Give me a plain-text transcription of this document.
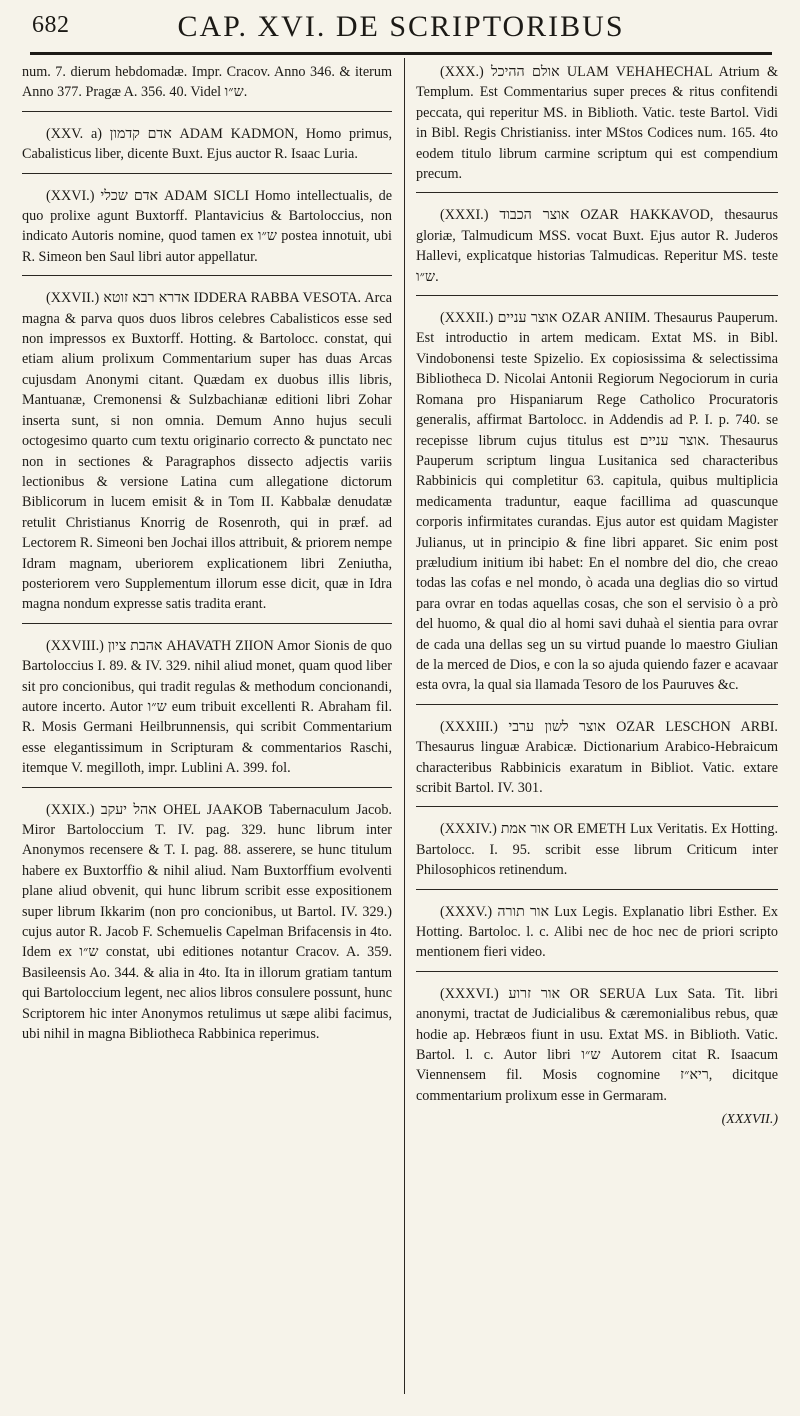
682	CAP. XVI. DE SCRIPTORIBUS

num. 7. dierum hebdomadæ. Impr. Cracov. Anno 346. & iterum Anno 377. Pragæ A. 356. 40. Videl ש״ו.

(XXV. a) אדם קדמון ADAM KADMON, Homo primus, Cabalisticus liber, dicente Buxt. Ejus auctor R. Isaac Luria.

(XXVI.) אדם שכלי ADAM SICLI Homo intellectualis, de quo prolixe agunt Buxtorff. Plantavicius & Bartoloccius, non indicato Autoris nomine, quod tamen ex ש״ו postea innotuit, ubi R. Simeon ben Saul libri autor appellatur.

(XXVII.) אדרא רבא זוטא IDDERA RABBA VESOTA. Arca magna & parva quos duos libros celebres Cabalisticos esse sed non impressos ex Buxtorff. Hotting. & Bartolocc. constat, qui etiam alium prolixum Commentarium super has duas Arcas cujusdam Anonymi citant. Quædam ex duobus illis libris, Mantuanæ, Cremonensi & Sulzbachianæ editioni libri Zohar inserta sunt, si non omnia. Demum Anno hujus seculi octogesimo quarto cum textu originario correcto & punctato nec non in sectiones & Paragraphos dissecto adjectis variis lectionibus & versione Latina cum allegatione dictorum Biblicorum in lucem emisit & in Tom II. Kabbalæ denudatæ retulit Christianus Knorrig de Rosenroth, qui in præf. ad Lectorem R. Simeoni ben Jochai illos attribuit, & priorem nempe Idram magnam, uberiorem explicationem libri Zeniutha, posteriorem vero Supplementum illorum esse dicit, quæ in Idra magna nondum expresse satis tradita erant.

(XXVIII.) אהבת ציון AHAVATH ZIION Amor Sionis de quo Bartoloccius I. 89. & IV. 329. nihil aliud monet, quam quod liber sit pro concionibus, qui tradit regulas & methodum concionandi, autore incerto. Autor ש״ו eum tribuit excellenti R. Abraham fil. R. Mosis Germani Heilbrunnensis, qui scribit Commentarium esse elegantissimum in Scripturam & commentarios Raschi, itemque V. megilloth, impr. Lublini A. 399. fol.

(XXIX.) אהל יעקב OHEL JAAKOB Tabernaculum Jacob. Miror Bartoloccium T. IV. pag. 329. hunc librum inter Anonymos recensere & T. I. pag. 88. asserere, se hunc titulum habere ex Buxtorffio & nihil aliud. Nam Buxtorffium evolventi plane aliud obvenit, qui hunc librum scribit esse expositionem super librum Ikkarim (non pro concionibus, ut Bartol. IV. 329.) cujus autor R. Jacob F. Schemuelis Capelman Brifacensis in 4to. Idem ex ש״ו constat, ubi editiones notantur Cracov. A. 359. Basileensis Ao. 344. & alia in 4to. Ita in illorum gratiam tantum qui Bartoloccium legent, nec alios libros consulere possunt, hunc Scriptorem hic inter Anonymos retulimus ut sæpe alibi facimus, ubi nihil in magna Bibliotheca Rabbinica reperimus.

(XXX.) אולם ההיכל ULAM VEHAHECHAL Atrium & Templum. Est Commentarius super preces & ritus confitendi peccata, qui reperitur MS. in Biblioth. Vatic. teste Bartol. Vidi in Bibl. Regis Christianiss. inter MStos Codices num. 165. 4to eodem titulo librum carmine scriptum qui est compendium precum.

(XXXI.) אוצר הכבוד OZAR HAKKAVOD, thesaurus gloriæ, Talmudicum MSS. vocat Buxt. Ejus autor R. Juderos Hallevi, explicatque historias Talmudicas. Reperitur MS. teste ש״ו.

(XXXII.) אוצר עניים OZAR ANIIM. Thesaurus Pauperum. Est introductio in artem medicam. Extat MS. in Bibl. Vindobonensi teste Spizelio. Ex copiosissima & selectissima Bibliotheca D. Nicolai Antonii Regiorum Negociorum in curia Romana pro Hispaniarum Rege Catholico Procuratoris generalis, affirmat Bartolocc. in Addendis ad P. I. p. 740. se recepisse librum cujus titulus est אוצר עניים. Thesaurus Pauperum scriptum lingua Lusitanica sed characteribus Rabbinicis qui completitur 63. capitula, quibus multiplicia medicamenta traduntur, eaque facillima ad quascunque corporis infirmitates curandas. Ejus autor est quidam Magister Julianus, ut in principio & fine libri apparet. Sic enim post præludium initium ibi habet: En el nombre del dio, che creao todas las cofas e nel mondo, ò acada una deglias dio so virtud para ovrar en todas aquellas cosas, che son el servisio ò a prò del huomo, & qual dio al homi savi duhaà el sientia para ovrar de cada una dellas seg un su virtud puande lo maestro Giulian de la merced de Dios, e con la so ajuda quiendo fazer e acavaar esta ovra, la qual sia llamada Tesoro de los Pauruves &c.

(XXXIII.) אוצר לשון ערבי OZAR LESCHON ARBI. Thesaurus linguæ Arabicæ. Dictionarium Arabico-Hebraicum characteribus Rabbinicis exaratum in Bibliot. Vatic. extare scribit Bartol. IV. 301.

(XXXIV.) אור אמת OR EMETH Lux Veritatis. Ex Hotting. Bartolocc. I. 95. scribit esse librum Criticum inter Philosophicos retinendum.

(XXXV.) אור תורה Lux Legis. Explanatio libri Esther. Ex Hotting. Bartoloc. l. c. Alibi nec de hoc nec de priori scripto mentionem fieri video.

(XXXVI.) אור זרוע OR SERUA Lux Sata. Tit. libri anonymi, tractat de Judicialibus & cæremonialibus rebus, quæ hodie ap. Hebræos fiunt in usu. Extat MS. in Biblioth. Vatic. Bartol. l. c. Autor libri ש״ו Autorem citat R. Isaacum Viennensem fil. Mosis cognomine ריא״ז, dicitque commentarium prolixum esse in Germaram.

(XXXVII.)
